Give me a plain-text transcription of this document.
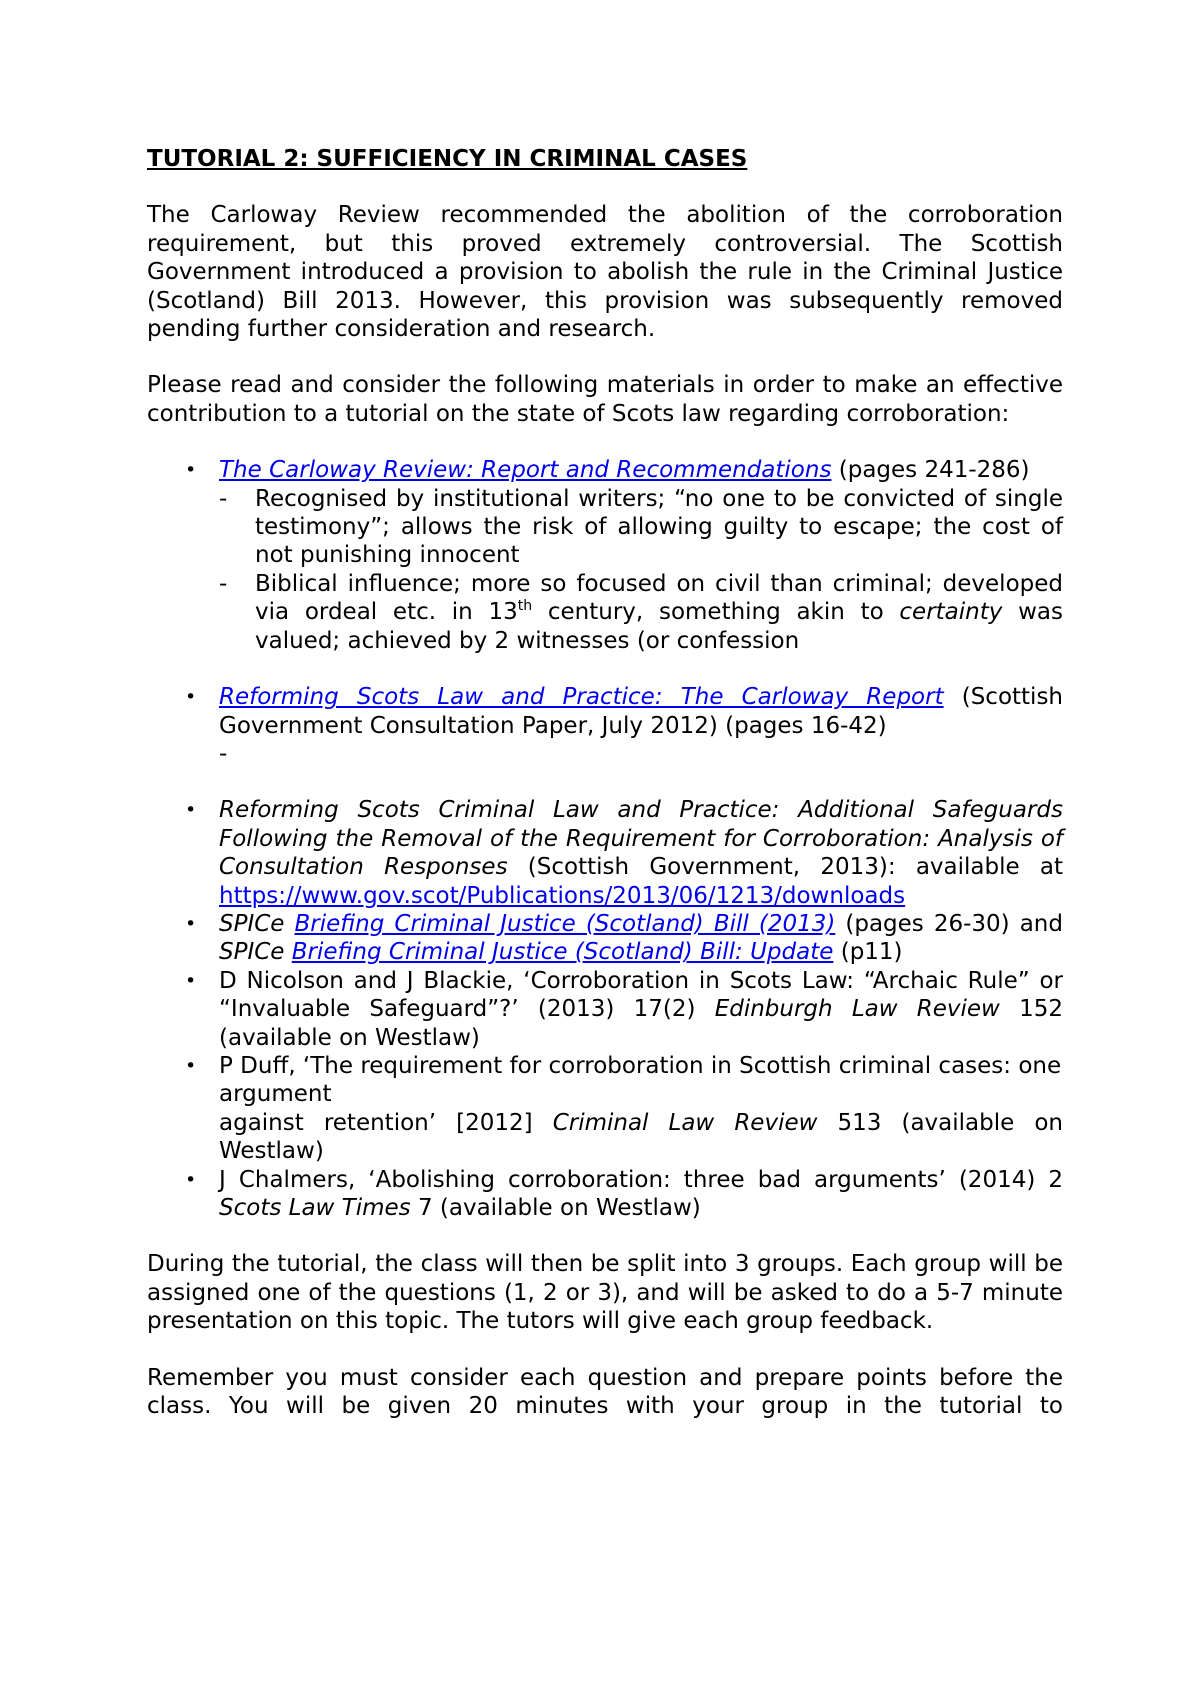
TUTORIAL 2: SUFFICIENCY IN CRIMINAL CASES

The Carloway Review recommended the abolition of the corroboration requirement, but this proved extremely controversial. The Scottish Government introduced a provision to abolish the rule in the Criminal Justice (Scotland) Bill 2013. However, this provision was subsequently removed pending further consideration and research.

Please read and consider the following materials in order to make an effective contribution to a tutorial on the state of Scots law regarding corroboration:

• The Carloway Review: Report and Recommendations (pages 241-286)

- Recognised by institutional writers; “no one to be convicted of single testimony”; allows the risk of allowing guilty to escape; the cost of not punishing innocent

- Biblical influence; more so focused on civil than criminal; developed via ordeal etc. in 13th century, something akin to certainty was valued; achieved by 2 witnesses (or confession

• Reforming Scots Law and Practice: The Carloway Report (Scottish Government Consultation Paper, July 2012) (pages 16-42)

-

• Reforming Scots Criminal Law and Practice: Additional Safeguards Following the Removal of the Requirement for Corroboration: Analysis of Consultation Responses (Scottish Government, 2013): available at

https://www.gov.scot/Publications/2013/06/1213/downloads

• SPICe Briefing Criminal Justice (Scotland) Bill (2013) (pages 26-30) and SPICe Briefing Criminal Justice (Scotland) Bill: Update (p11)

• D Nicolson and J Blackie, ‘Corroboration in Scots Law: “Archaic Rule” or “Invaluable Safeguard”?’ (2013) 17(2) Edinburgh Law Review 152 (available on Westlaw)

• P Duff, ‘The requirement for corroboration in Scottish criminal cases: one argument

against retention’ [2012] Criminal Law Review 513 (available on Westlaw)

• J Chalmers, ‘Abolishing corroboration: three bad arguments’ (2014) 2 Scots Law Times 7 (available on Westlaw)

During the tutorial, the class will then be split into 3 groups. Each group will be assigned one of the questions (1, 2 or 3), and will be asked to do a 5-7 minute presentation on this topic. The tutors will give each group feedback.

Remember you must consider each question and prepare points before the class. You will be given 20 minutes with your group in the tutorial to
